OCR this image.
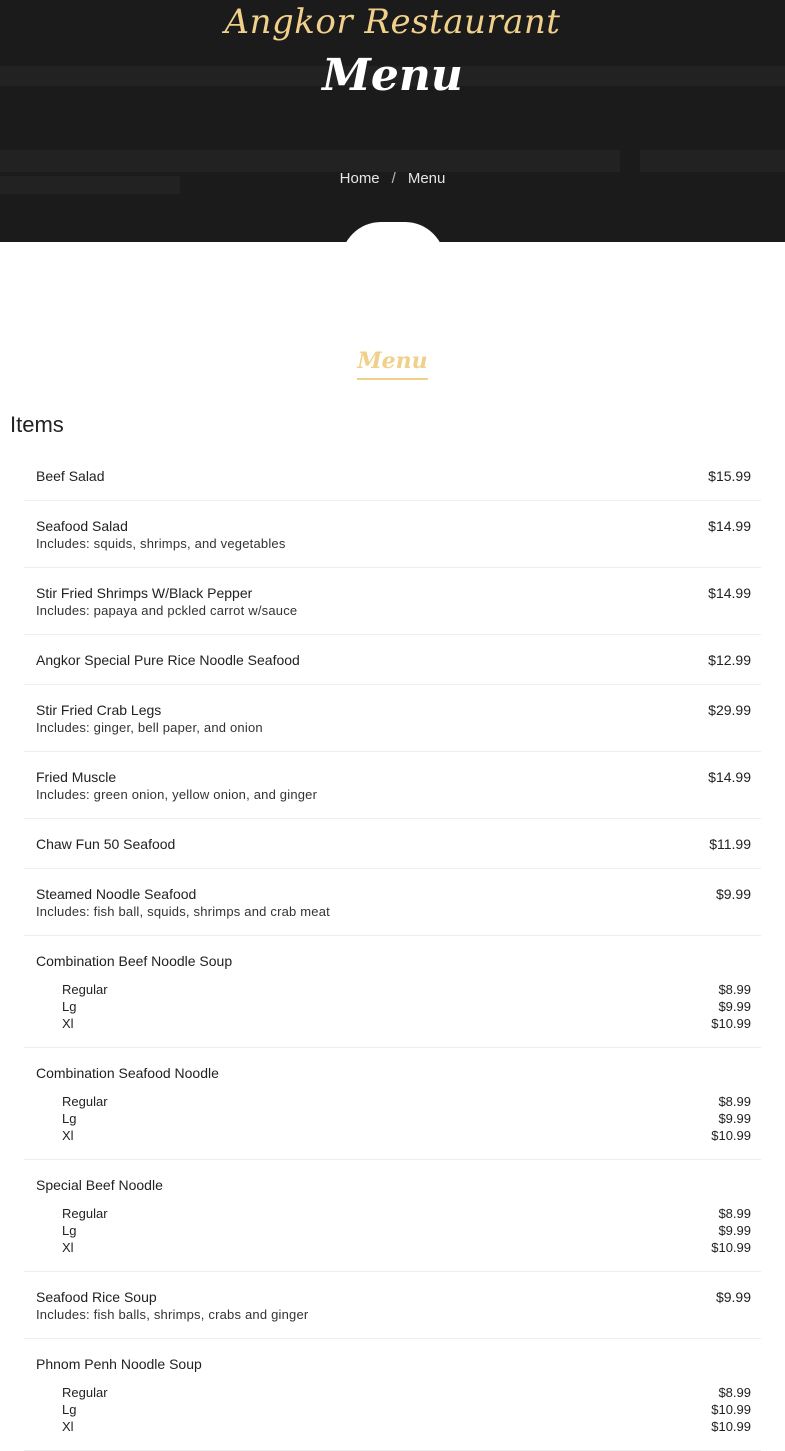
Angkor Restaurant
Menu
Home / Menu
Menu
Items
Beef Salad	$15.99
Seafood Salad	$14.99
Includes: squids, shrimps, and vegetables
Stir Fried Shrimps W/Black Pepper	$14.99
Includes: papaya and pckled carrot w/sauce
Angkor Special Pure Rice Noodle Seafood	$12.99
Stir Fried Crab Legs	$29.99
Includes: ginger, bell paper, and onion
Fried Muscle	$14.99
Includes: green onion, yellow onion, and ginger
Chaw Fun 50 Seafood	$11.99
Steamed Noodle Seafood	$9.99
Includes: fish ball, squids, shrimps and crab meat
Combination Beef Noodle Soup
Regular	$8.99
Lg	$9.99
Xl	$10.99
Combination Seafood Noodle
Regular	$8.99
Lg	$9.99
Xl	$10.99
Special Beef Noodle
Regular	$8.99
Lg	$9.99
Xl	$10.99
Seafood Rice Soup	$9.99
Includes: fish balls, shrimps, crabs and ginger
Phnom Penh Noodle Soup
Regular	$8.99
Lg	$10.99
Xl	$10.99
